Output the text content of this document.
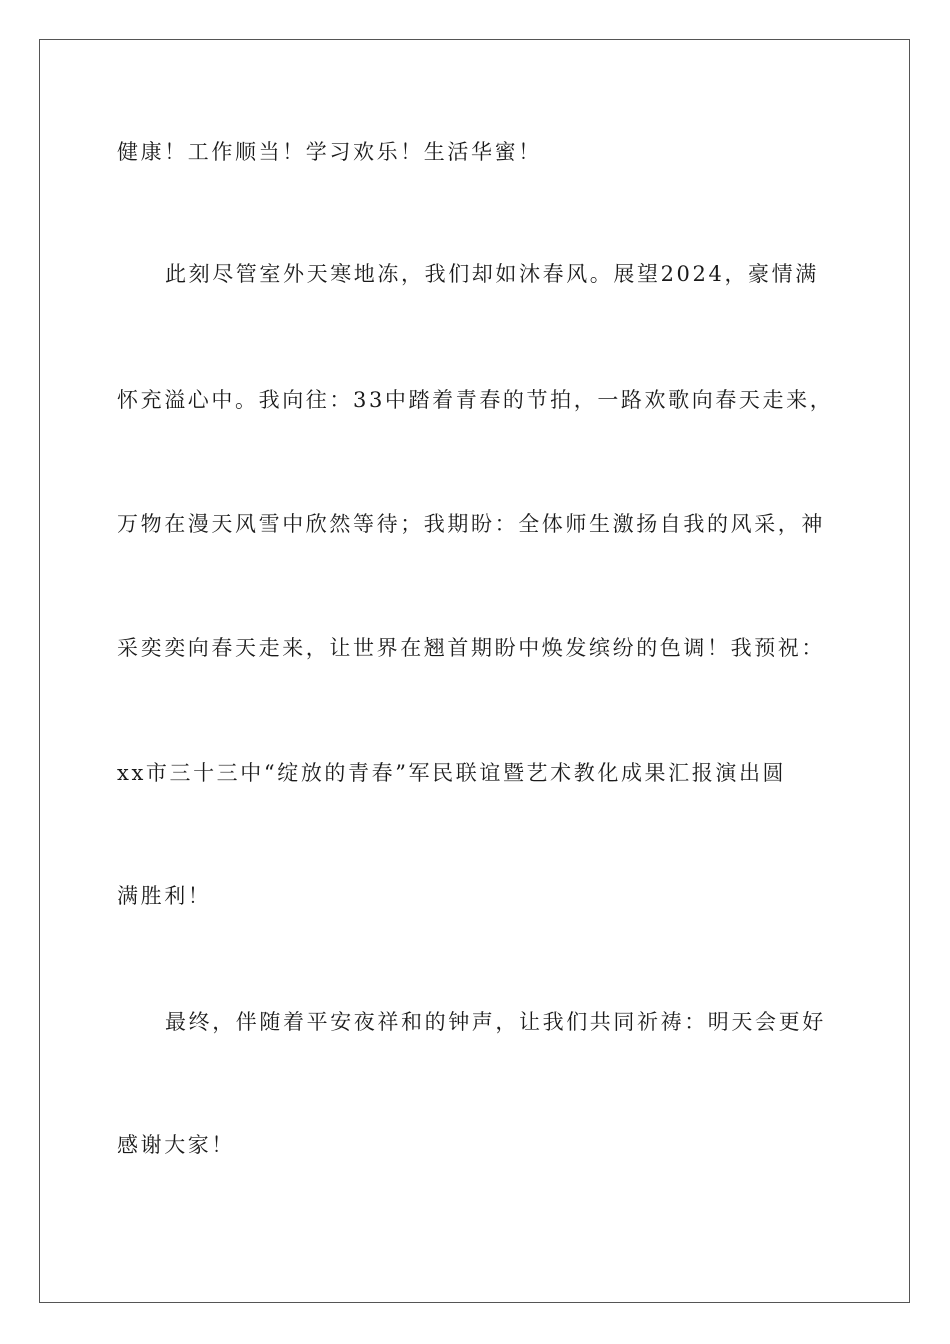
健康！工作顺当！学习欢乐！生活华蜜！
此刻尽管室外天寒地冻，我们却如沐春风。展望2024，豪情满
怀充溢心中。我向往：33中踏着青春的节拍，一路欢歌向春天走来，
万物在漫天风雪中欣然等待；我期盼：全体师生激扬自我的风采，神
采奕奕向春天走来，让世界在翘首期盼中焕发缤纷的色调！我预祝：
xx市三十三中“绽放的青春”军民联谊暨艺术教化成果汇报演出圆
满胜利！
最终，伴随着平安夜祥和的钟声，让我们共同祈祷：明天会更好
感谢大家！
